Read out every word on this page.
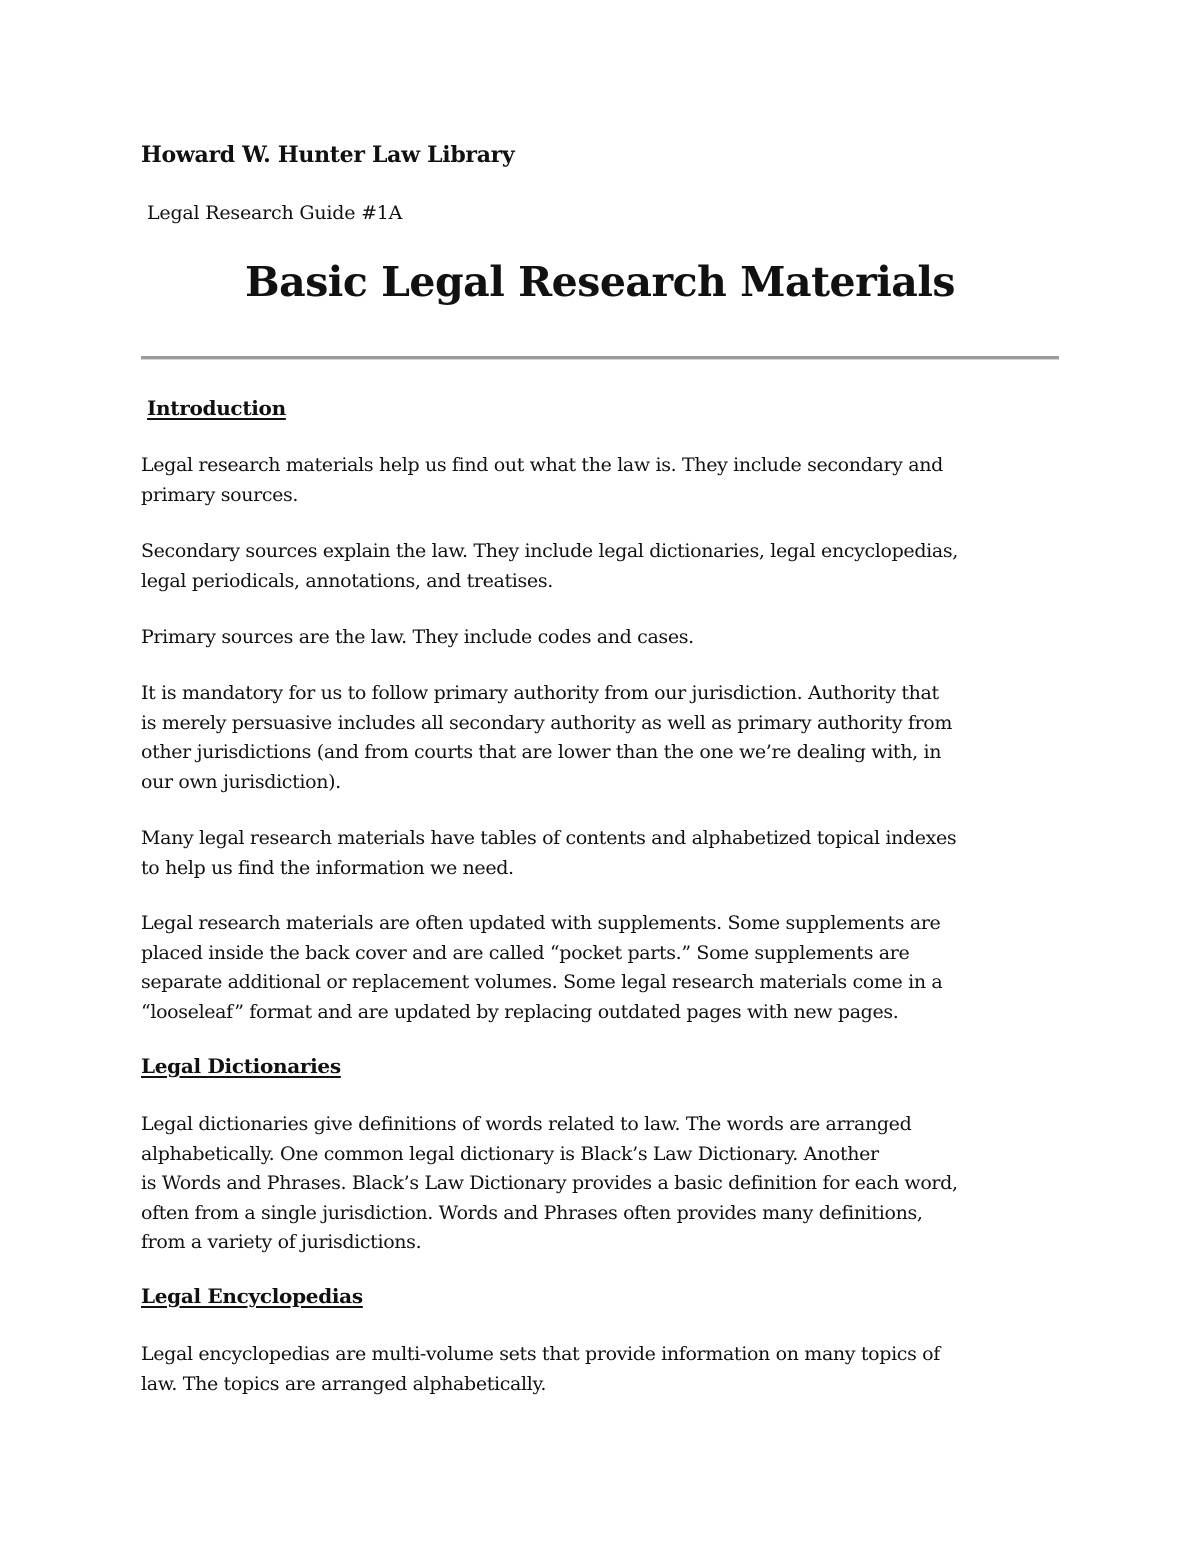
Howard W. Hunter Law Library
Legal Research Guide #1A
Basic Legal Research Materials
Introduction
Legal research materials help us find out what the law is. They include secondary and
primary sources.
Secondary sources explain the law. They include legal dictionaries, legal encyclopedias,
legal periodicals, annotations, and treatises.
Primary sources are the law. They include codes and cases.
It is mandatory for us to follow primary authority from our jurisdiction. Authority that
is merely persuasive includes all secondary authority as well as primary authority from
other jurisdictions (and from courts that are lower than the one we’re dealing with, in
our own jurisdiction).
Many legal research materials have tables of contents and alphabetized topical indexes
to help us find the information we need.
Legal research materials are often updated with supplements. Some supplements are
placed inside the back cover and are called “pocket parts.” Some supplements are
separate additional or replacement volumes. Some legal research materials come in a
“looseleaf” format and are updated by replacing outdated pages with new pages.
Legal Dictionaries
Legal dictionaries give definitions of words related to law. The words are arranged
alphabetically. One common legal dictionary is Black’s Law Dictionary. Another
is Words and Phrases. Black’s Law Dictionary provides a basic definition for each word,
often from a single jurisdiction. Words and Phrases often provides many definitions,
from a variety of jurisdictions.
Legal Encyclopedias
Legal encyclopedias are multi-volume sets that provide information on many topics of
law. The topics are arranged alphabetically.
